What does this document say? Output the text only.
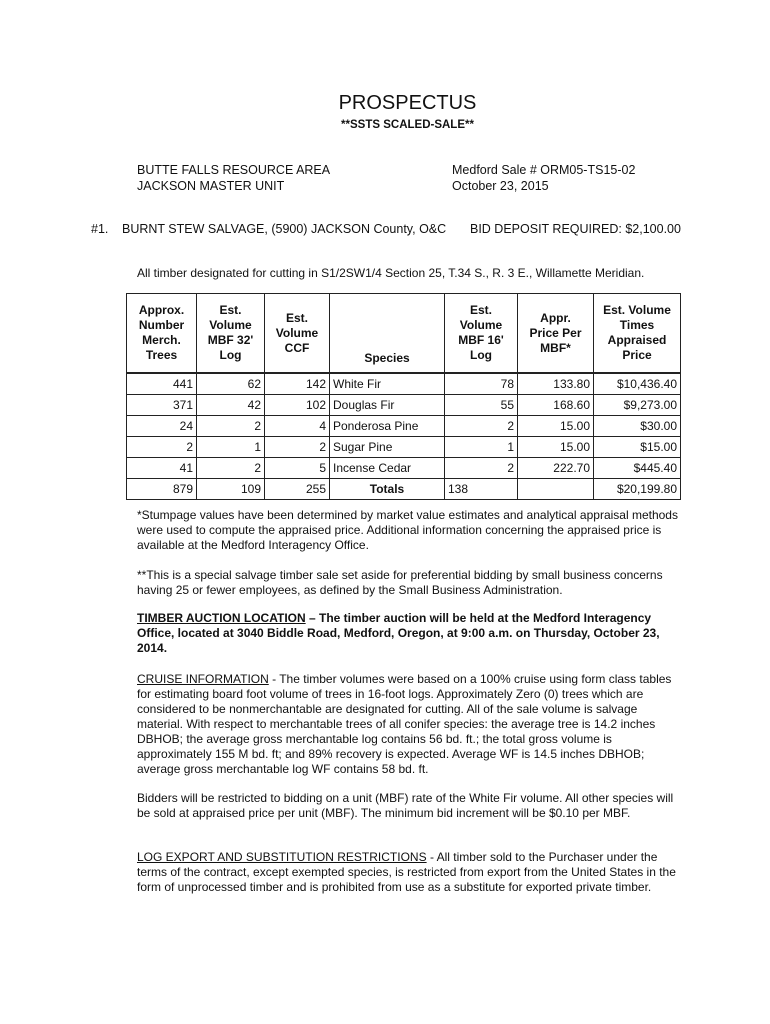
PROSPECTUS
**SSTS SCALED-SALE**
BUTTE FALLS RESOURCE AREA
JACKSON MASTER UNIT
Medford Sale # ORM05-TS15-02
October 23, 2015
#1. BURNT STEW SALVAGE, (5900) JACKSON County, O&C BID DEPOSIT REQUIRED: $2,100.00
All timber designated for cutting in S1/2SW1/4 Section 25, T.34 S., R. 3 E., Willamette Meridian.
Approx.
Number
Merch.
Trees	Est.
Volume
MBF 32'
Log	Est.
Volume
CCF	Species	Est.
Volume
MBF 16'
Log	Appr.
Price Per
MBF*	Est. Volume
Times
Appraised
Price
441	62	142	White Fir	78	133.80	$10,436.40
371	42	102	Douglas Fir	55	168.60	$9,273.00
24	2	4	Ponderosa Pine	2	15.00	$30.00
2	1	2	Sugar Pine	1	15.00	$15.00
41	2	5	Incense Cedar	2	222.70	$445.40
879	109	255	Totals	138		$20,199.80
*Stumpage values have been determined by market value estimates and analytical appraisal methods were used to compute the appraised price. Additional information concerning the appraised price is available at the Medford Interagency Office.
**This is a special salvage timber sale set aside for preferential bidding by small business concerns having 25 or fewer employees, as defined by the Small Business Administration.
TIMBER AUCTION LOCATION – The timber auction will be held at the Medford Interagency Office, located at 3040 Biddle Road, Medford, Oregon, at 9:00 a.m. on Thursday, October 23, 2014.
CRUISE INFORMATION - The timber volumes were based on a 100% cruise using form class tables for estimating board foot volume of trees in 16-foot logs. Approximately Zero (0) trees which are considered to be nonmerchantable are designated for cutting. All of the sale volume is salvage material. With respect to merchantable trees of all conifer species: the average tree is 14.2 inches DBHOB; the average gross merchantable log contains 56 bd. ft.; the total gross volume is approximately 155 M bd. ft; and 89% recovery is expected. Average WF is 14.5 inches DBHOB; average gross merchantable log WF contains 58 bd. ft.
Bidders will be restricted to bidding on a unit (MBF) rate of the White Fir volume. All other species will be sold at appraised price per unit (MBF). The minimum bid increment will be $0.10 per MBF.
LOG EXPORT AND SUBSTITUTION RESTRICTIONS - All timber sold to the Purchaser under the terms of the contract, except exempted species, is restricted from export from the United States in the form of unprocessed timber and is prohibited from use as a substitute for exported private timber.
